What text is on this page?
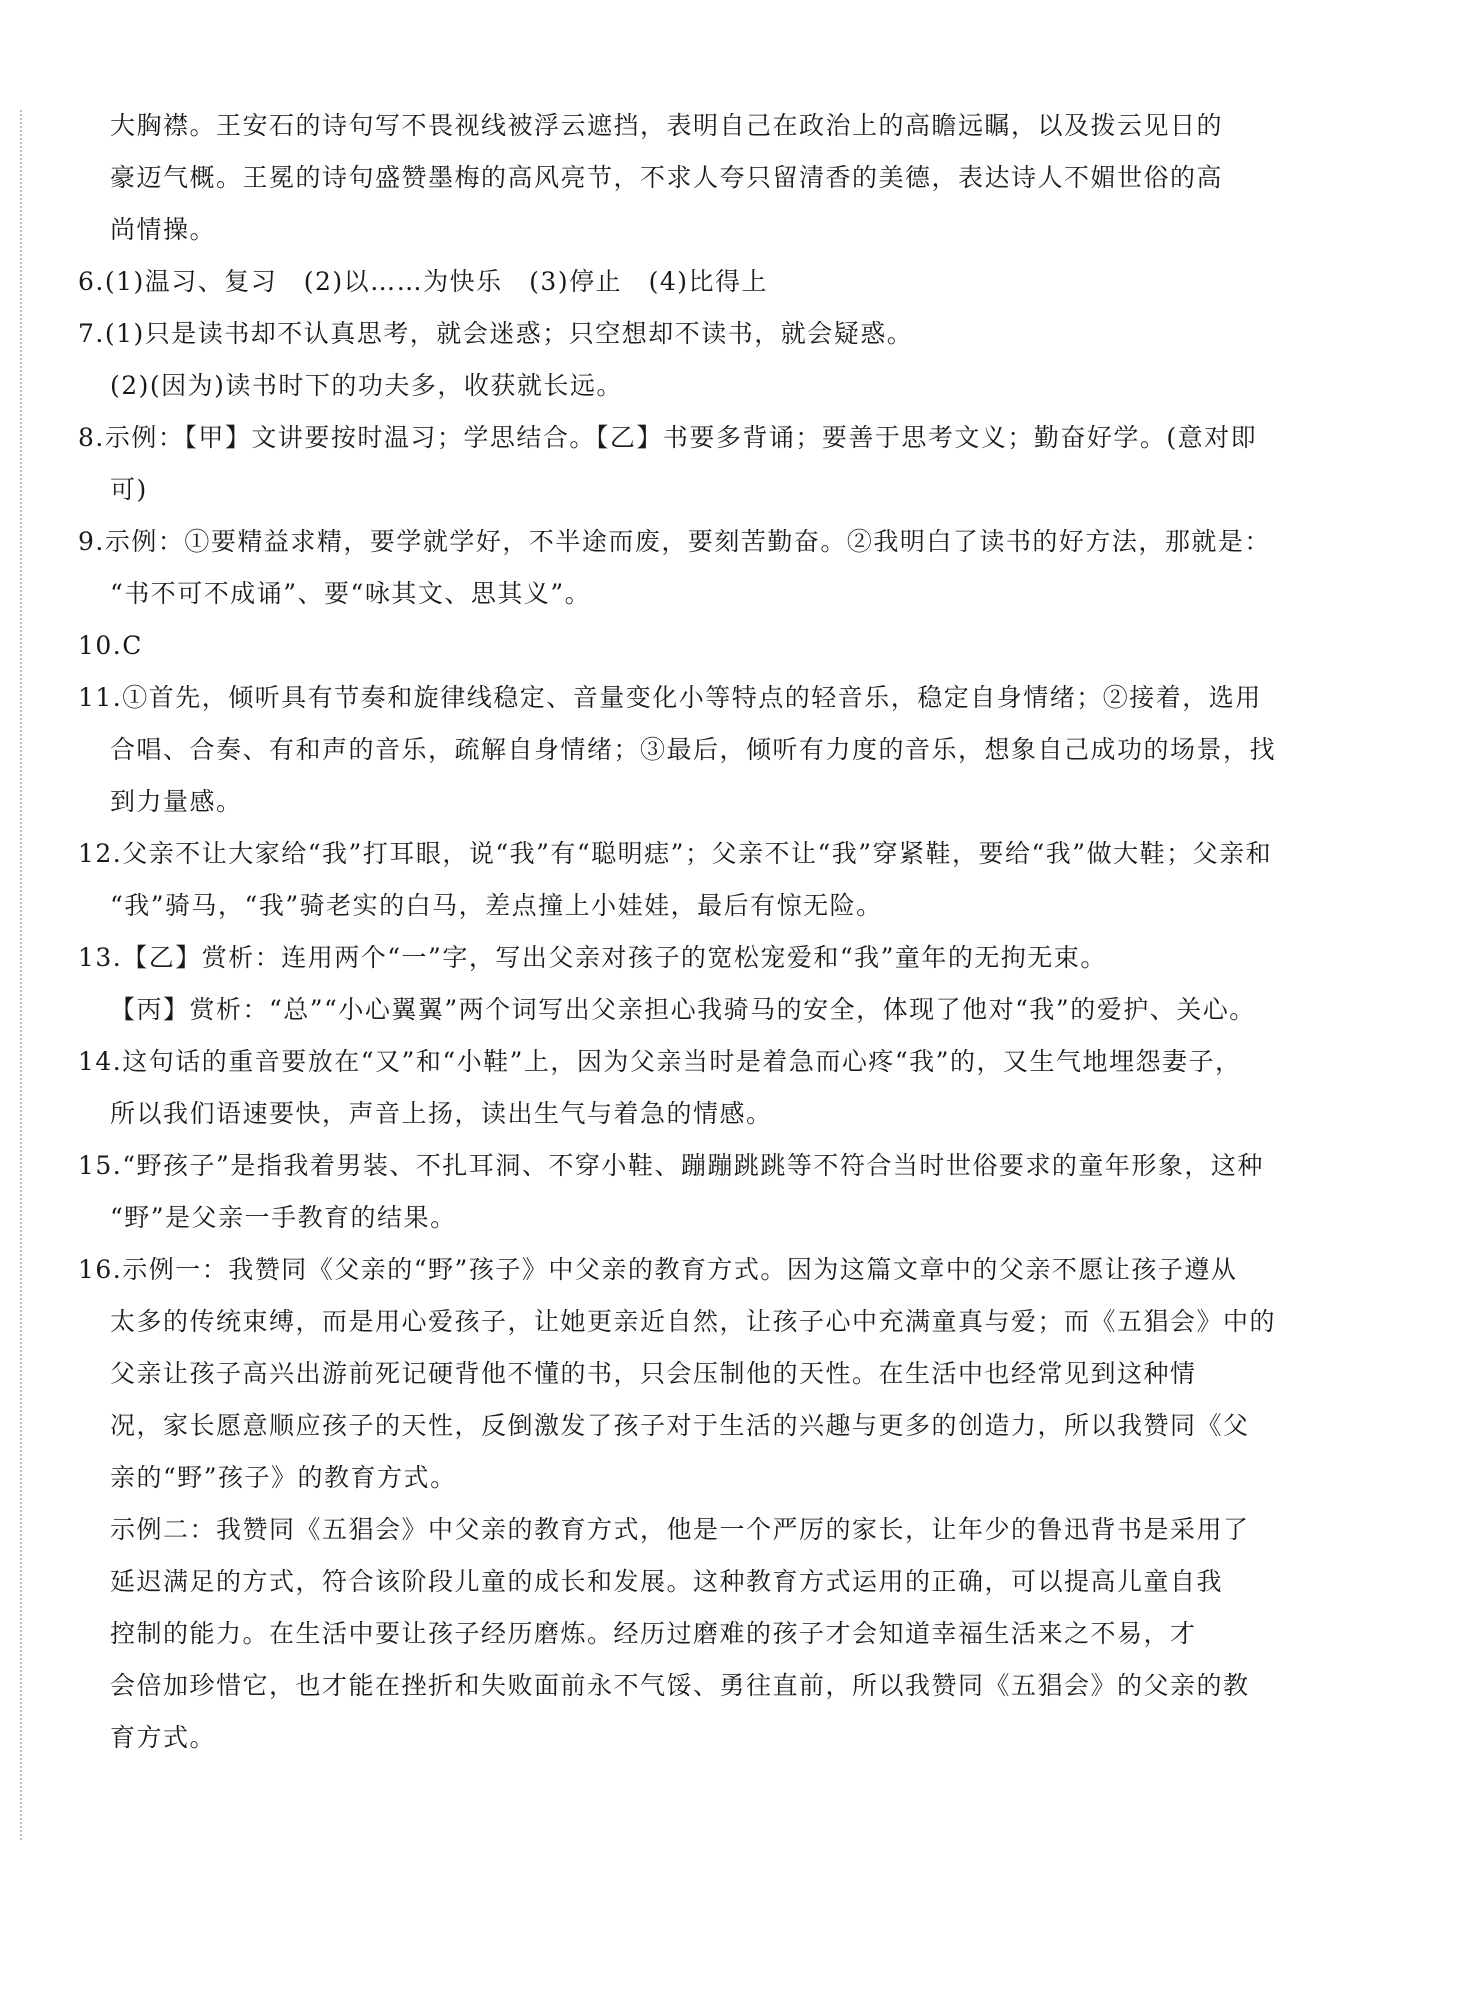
大胸襟。王安石的诗句写不畏视线被浮云遮挡，表明自己在政治上的高瞻远瞩，以及拨云见日的
豪迈气概。王冕的诗句盛赞墨梅的高风亮节，不求人夸只留清香的美德，表达诗人不媚世俗的高
尚情操。
6.(1)温习、复习　(2)以……为快乐　(3)停止　(4)比得上
7.(1)只是读书却不认真思考，就会迷惑；只空想却不读书，就会疑惑。
(2)(因为)读书时下的功夫多，收获就长远。
8.示例：【甲】文讲要按时温习；学思结合。【乙】书要多背诵；要善于思考文义；勤奋好学。(意对即
可)
9.示例：①要精益求精，要学就学好，不半途而废，要刻苦勤奋。②我明白了读书的好方法，那就是：
“书不可不成诵”、要“咏其文、思其义”。
10.C
11.①首先，倾听具有节奏和旋律线稳定、音量变化小等特点的轻音乐，稳定自身情绪；②接着，选用
合唱、合奏、有和声的音乐，疏解自身情绪；③最后，倾听有力度的音乐，想象自己成功的场景，找
到力量感。
12.父亲不让大家给“我”打耳眼，说“我”有“聪明痣”；父亲不让“我”穿紧鞋，要给“我”做大鞋；父亲和
“我”骑马，“我”骑老实的白马，差点撞上小娃娃，最后有惊无险。
13.【乙】赏析：连用两个“一”字，写出父亲对孩子的宽松宠爱和“我”童年的无拘无束。
【丙】赏析：“总”“小心翼翼”两个词写出父亲担心我骑马的安全，体现了他对“我”的爱护、关心。
14.这句话的重音要放在“又”和“小鞋”上，因为父亲当时是着急而心疼“我”的，又生气地埋怨妻子，
所以我们语速要快，声音上扬，读出生气与着急的情感。
15.“野孩子”是指我着男装、不扎耳洞、不穿小鞋、蹦蹦跳跳等不符合当时世俗要求的童年形象，这种
“野”是父亲一手教育的结果。
16.示例一：我赞同《父亲的“野”孩子》中父亲的教育方式。因为这篇文章中的父亲不愿让孩子遵从
太多的传统束缚，而是用心爱孩子，让她更亲近自然，让孩子心中充满童真与爱；而《五猖会》中的
父亲让孩子高兴出游前死记硬背他不懂的书，只会压制他的天性。在生活中也经常见到这种情
况，家长愿意顺应孩子的天性，反倒激发了孩子对于生活的兴趣与更多的创造力，所以我赞同《父
亲的“野”孩子》的教育方式。
示例二：我赞同《五猖会》中父亲的教育方式，他是一个严厉的家长，让年少的鲁迅背书是采用了
延迟满足的方式，符合该阶段儿童的成长和发展。这种教育方式运用的正确，可以提高儿童自我
控制的能力。在生活中要让孩子经历磨炼。经历过磨难的孩子才会知道幸福生活来之不易，才
会倍加珍惜它，也才能在挫折和失败面前永不气馁、勇往直前，所以我赞同《五猖会》的父亲的教
育方式。
